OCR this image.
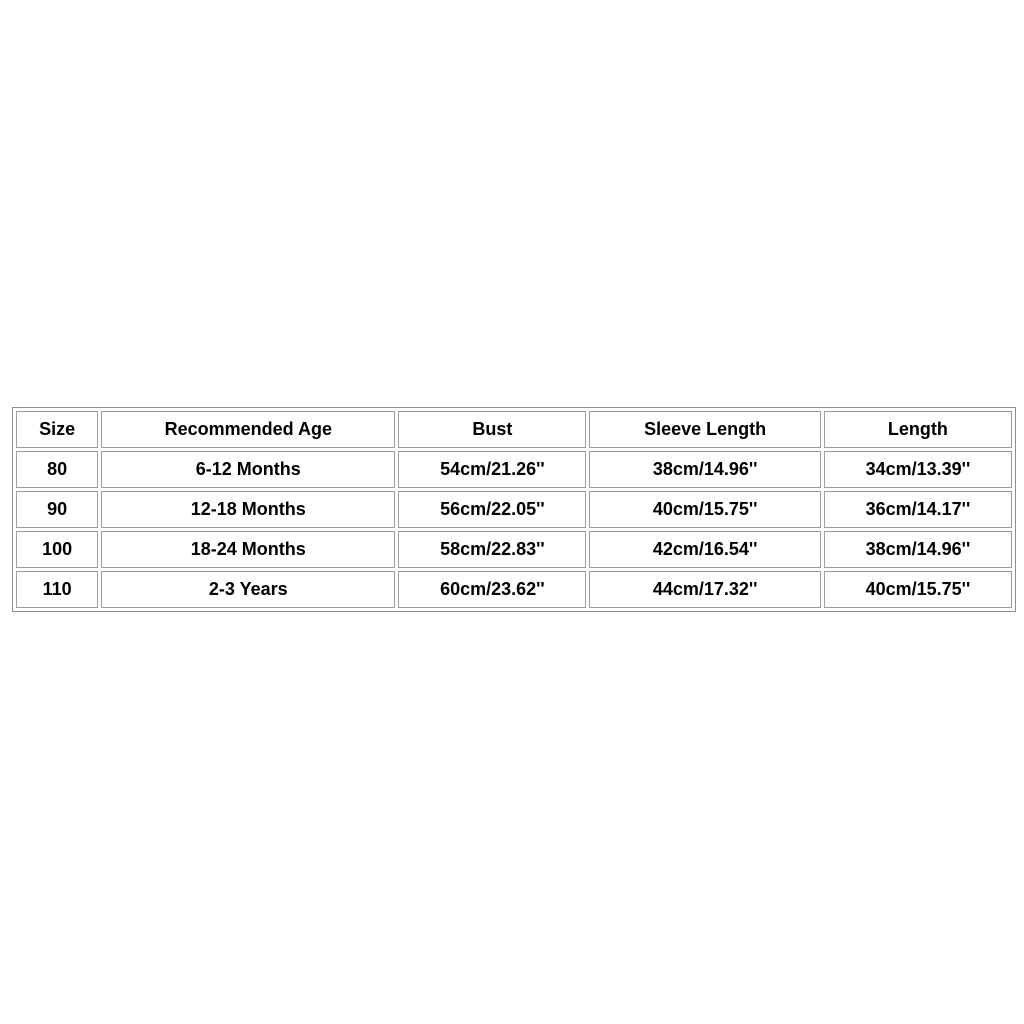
Size	Recommended Age	Bust	Sleeve Length	Length
80	6-12 Months	54cm/21.26''	38cm/14.96''	34cm/13.39''
90	12-18 Months	56cm/22.05''	40cm/15.75''	36cm/14.17''
100	18-24 Months	58cm/22.83''	42cm/16.54''	38cm/14.96''
110	2-3 Years	60cm/23.62''	44cm/17.32''	40cm/15.75''
